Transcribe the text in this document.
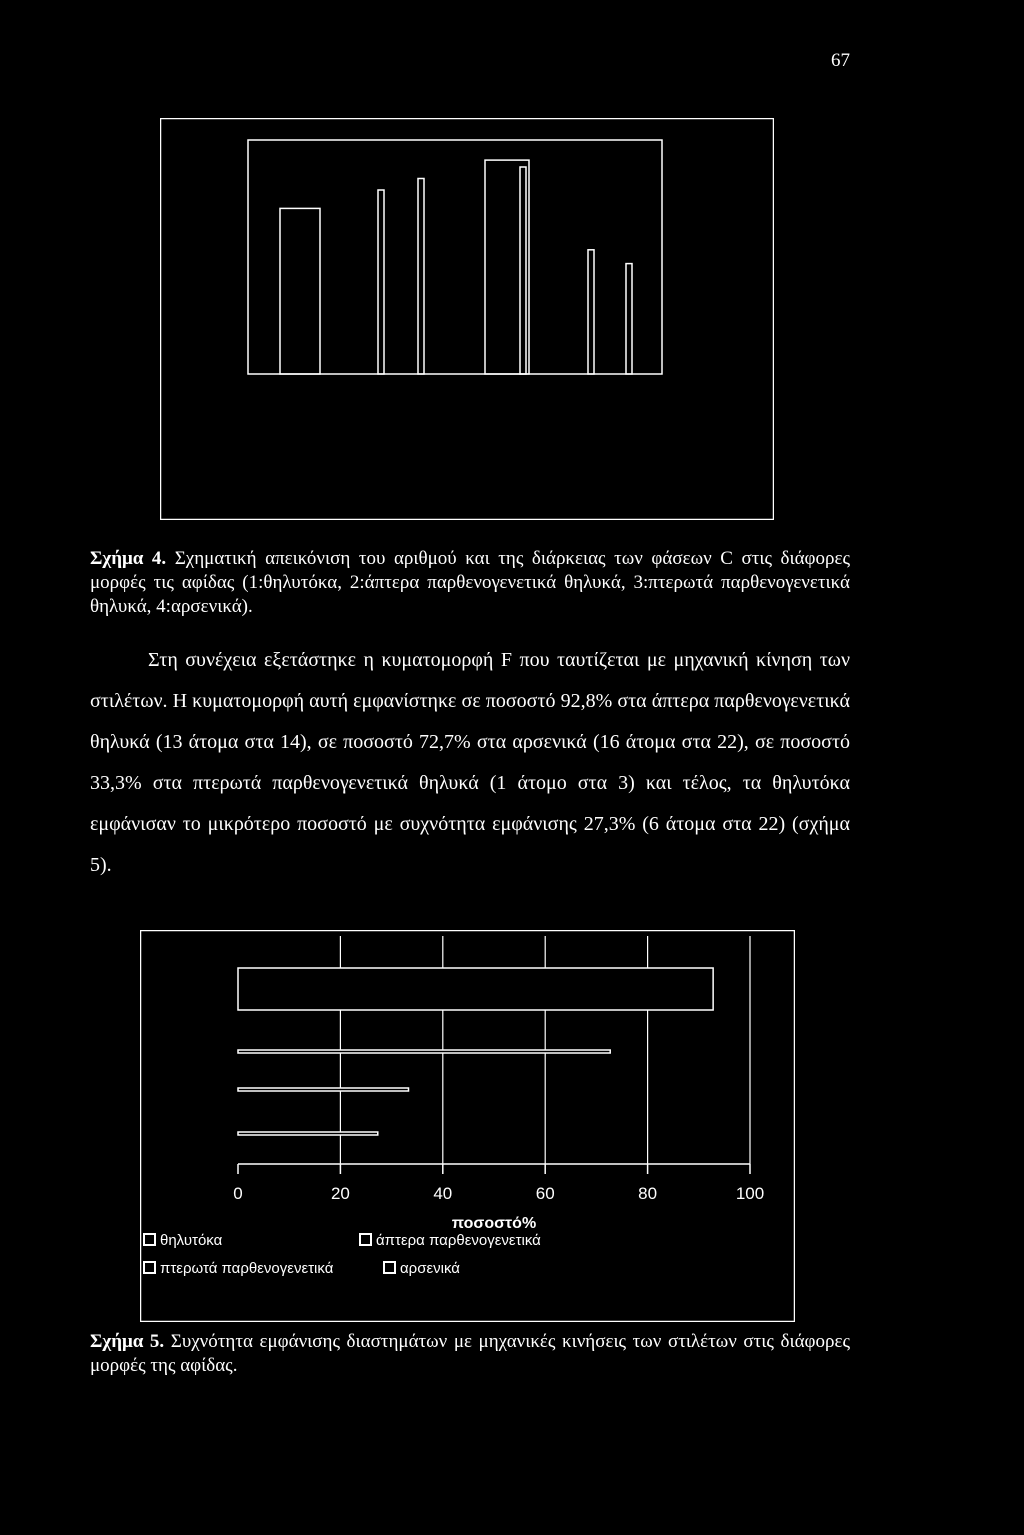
67
Σχήμα 4. Σχηματική απεικόνιση του αριθμού και της διάρκειας των φάσεων C στις διάφορες μορφές τις αφίδας (1:θηλυτόκα, 2:άπτερα παρθενογενετικά θηλυκά, 3:πτερωτά παρθενογενετικά θηλυκά, 4:αρσενικά).

Στη συνέχεια εξετάστηκε η κυματομορφή F που ταυτίζεται με μηχανική κίνηση των στιλέτων. Η κυματομορφή αυτή εμφανίστηκε σε ποσοστό 92,8% στα άπτερα παρθενογενετικά θηλυκά (13 άτομα στα 14), σε ποσοστό 72,7% στα αρσενικά (16 άτομα στα 22), σε ποσοστό 33,3% στα πτερωτά παρθενογενετικά θηλυκά (1 άτομο στα 3) και τέλος, τα θηλυτόκα εμφάνισαν το μικρότερο ποσοστό με συχνότητα εμφάνισης 27,3% (6 άτομα στα 22) (σχήμα 5).

0	20	40	60	80	100
ποσοστό%
θηλυτόκα	άπτερα παρθενογενετικά
πτερωτά παρθενογενετικά	αρσενικά
Σχήμα 5. Συχνότητα εμφάνισης διαστημάτων με μηχανικές κινήσεις των στιλέτων στις διάφορες μορφές της αφίδας.
